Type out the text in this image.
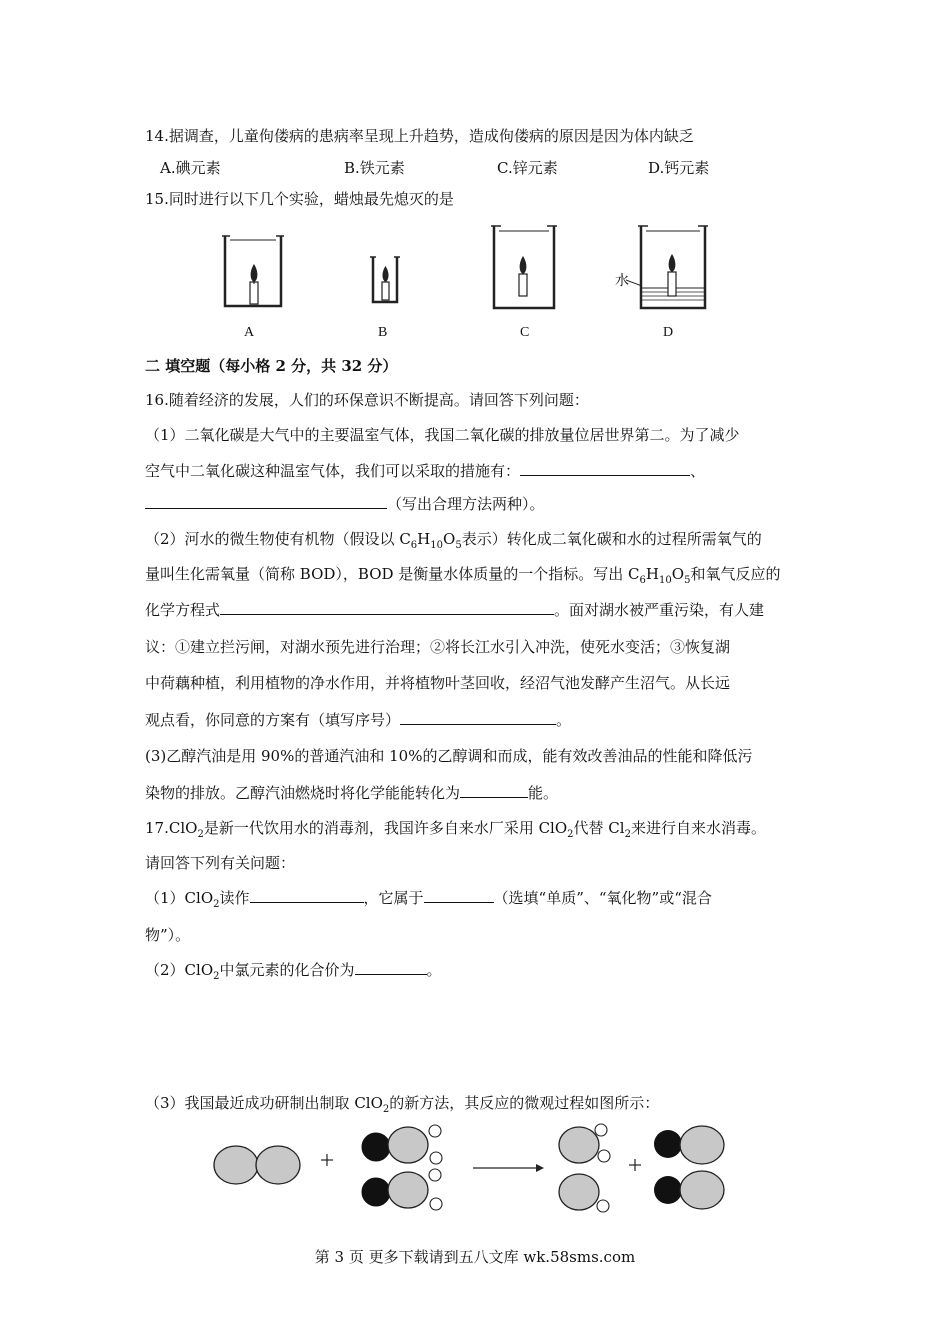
14.据调查，儿童佝偻病的患病率呈现上升趋势，造成佝偻病的原因是因为体内缺乏
A.碘元素	B.铁元素	C.锌元素	D.钙元素
15.同时进行以下几个实验，蜡烛最先熄灭的是
水
A	B	C	D
二 填空题（每小格 2 分，共 32 分）
16.随着经济的发展，人们的环保意识不断提高。请回答下列问题：
（1）二氧化碳是大气中的主要温室气体，我国二氧化碳的排放量位居世界第二。为了减少
空气中二氧化碳这种温室气体，我们可以采取的措施有：	、
（写出合理方法两种）。
（2）河水的微生物使有机物（假设以 $C_6H_{10}O_5$表示）转化成二氧化碳和水的过程所需氧气的
量叫生化需氧量（简称 BOD），BOD 是衡量水体质量的一个指标。写出 $C_6H_{10}O_5$和氧气反应的
化学方程式	。面对湖水被严重污染，有人建
议：①建立拦污闸，对湖水预先进行治理；②将长江水引入冲洗，使死水变活；③恢复湖
中荷藕种植，利用植物的净水作用，并将植物叶茎回收，经沼气池发酵产生沼气。从长远
观点看，你同意的方案有（填写序号）	。
(3)乙醇汽油是用 90%的普通汽油和 10%的乙醇调和而成，能有效改善油品的性能和降低污
染物的排放。乙醇汽油燃烧时将化学能能转化为	能。
17.ClO$_2$是新一代饮用水的消毒剂，我国许多自来水厂采用 ClO$_2$代替 $Cl_2$来进行自来水消毒。
请回答下列有关问题：
（1）ClO$_2$读作	，它属于	（选填“单质”、“氧化物”或“混合
物”）。
（2）ClO$_2$中氯元素的化合价为	。
（3）我国最近成功研制出制取 ClO$_2$的新方法，其反应的微观过程如图所示：
第 3 页 更多下载请到五八文库 wk.58sms.com
